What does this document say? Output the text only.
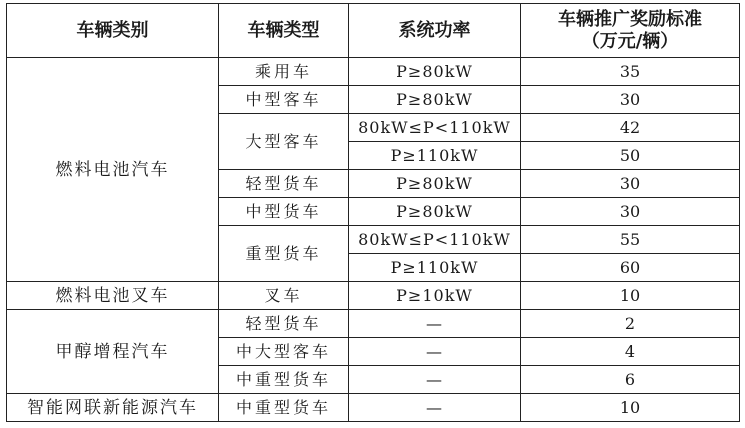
车辆类别	车辆类型	系统功率	车辆推广奖励标准
（万元/辆）

燃料电池汽车	乘用车	P≥80kW	35
	中型客车	P≥80kW	30
	大型客车	80kW≤P<110kW	42
		P≥110kW	50
	轻型货车	P≥80kW	30
	中型货车	P≥80kW	30
	重型货车	80kW≤P<110kW	55
		P≥110kW	60
燃料电池叉车	叉车	P≥10kW	10
甲醇增程汽车	轻型货车	—	2
	中大型客车	—	4
	中重型货车	—	6
智能网联新能源汽车	中重型货车	—	10
